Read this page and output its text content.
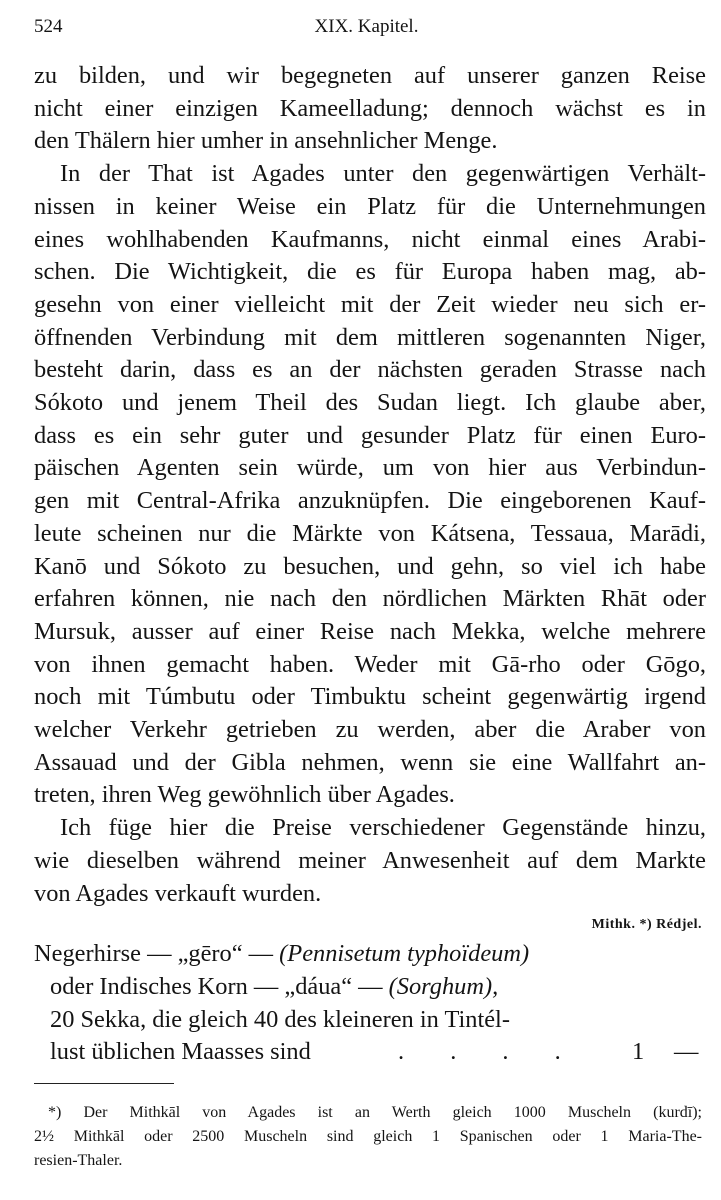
524	XIX. Kapitel.

zu bilden, und wir begegneten auf unserer ganzen Reise
nicht einer einzigen Kameelladung; dennoch wächst es in
den Thälern hier umher in ansehnlicher Menge.

In der That ist Agades unter den gegenwärtigen Verhält-
nissen in keiner Weise ein Platz für die Unternehmungen
eines wohlhabenden Kaufmanns, nicht einmal eines Arabi-
schen. Die Wichtigkeit, die es für Europa haben mag, ab-
gesehn von einer vielleicht mit der Zeit wieder neu sich er-
öffnenden Verbindung mit dem mittleren sogenannten Niger,
besteht darin, dass es an der nächsten geraden Strasse nach
Sókoto und jenem Theil des Sudan liegt. Ich glaube aber,
dass es ein sehr guter und gesunder Platz für einen Euro-
päischen Agenten sein würde, um von hier aus Verbindun-
gen mit Central-Afrika anzuknüpfen. Die eingeborenen Kauf-
leute scheinen nur die Märkte von Kátsena, Tessaua, Marādi,
Kanō und Sókoto zu besuchen, und gehn, so viel ich habe
erfahren können, nie nach den nördlichen Märkten Rhāt oder
Mursuk, ausser auf einer Reise nach Mekka, welche mehrere
von ihnen gemacht haben. Weder mit Gā-rho oder Gōgo,
noch mit Túmbutu oder Timbuktu scheint gegenwärtig irgend
welcher Verkehr getrieben zu werden, aber die Araber von
Assauad und der Gibla nehmen, wenn sie eine Wallfahrt an-
treten, ihren Weg gewöhnlich über Agades.

Ich füge hier die Preise verschiedener Gegenstände hinzu,
wie dieselben während meiner Anwesenheit auf dem Markte
von Agades verkauft wurden.

Mithk. *) Rédjel.
Negerhirse — „gēro“ — (Pennisetum typhoïdeum)
oder Indisches Korn — „dáua“ — (Sorghum),
20 Sekka, die gleich 40 des kleineren in Tintél-
lust üblichen Maasses sind	. . . . 1 —
*) Der Mithkāl von Agades ist an Werth gleich 1000 Muscheln (kurdī);
2½ Mithkāl oder 2500 Muscheln sind gleich 1 Spanischen oder 1 Maria-The-
resien-Thaler.
